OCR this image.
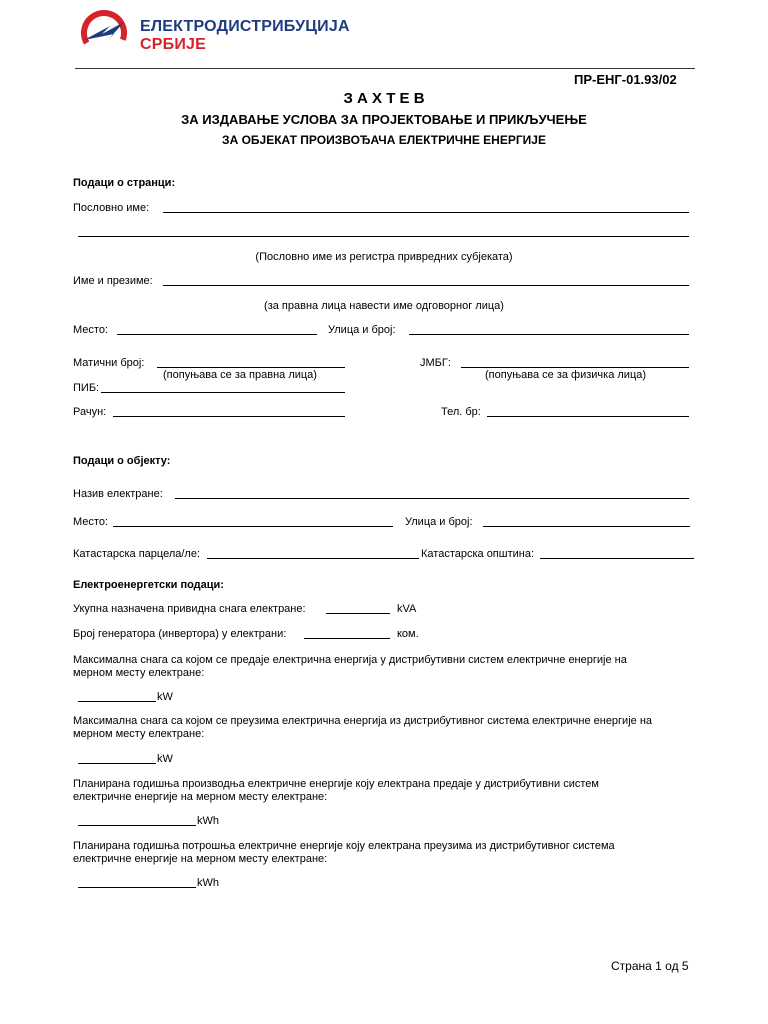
ЕЛЕКТРОДИСТРИБУЦИЈА
СРБИЈЕ
ПР-ЕНГ-01.93/02
З А Х Т Е В
ЗА ИЗДАВАЊЕ УСЛОВА ЗА ПРОЈЕКТОВАЊЕ И ПРИКЉУЧЕЊЕ
ЗА ОБЈЕКАТ ПРОИЗВОЂАЧА ЕЛЕКТРИЧНЕ ЕНЕРГИЈЕ
Подаци о странци:
Пословно име:
(Пословно име из регистра привредних субјеката)
Име и презиме:
(за правна лица навести име одговорног лица)
Место:	Улица и број:
Матични број:
(попуњава се за правна лица)
ЈМБГ:
(попуњава се за физичка лица)
ПИБ:
Рачун:	Тел. бр:
Подаци о објекту:
Назив електране:
Место:	Улица и број:
Катастарска парцела/ле:	Катастарска општина:
Електроенергетски подаци:
Укупна назначена привидна снага електране:	kVA
Број генератора (инвертора) у електрани:	ком.
Максимална снага са којом се предаје електрична енергија у дистрибутивни систем електричне енергије на
мерном месту електране:
kW
Максимална снага са којом се преузима електрична енергија из дистрибутивног система електричне енергије на
мерном месту електране:
kW
Планирана годишња производња електричне енергије коју електрана предаје у дистрибутивни систем
електричне енергије на мерном месту електране:
kWh
Планирана годишња потрошња електричне енергије коју електрана преузима из дистрибутивног система
електричне енергије на мерном месту електране:
kWh
Страна 1 од 5
